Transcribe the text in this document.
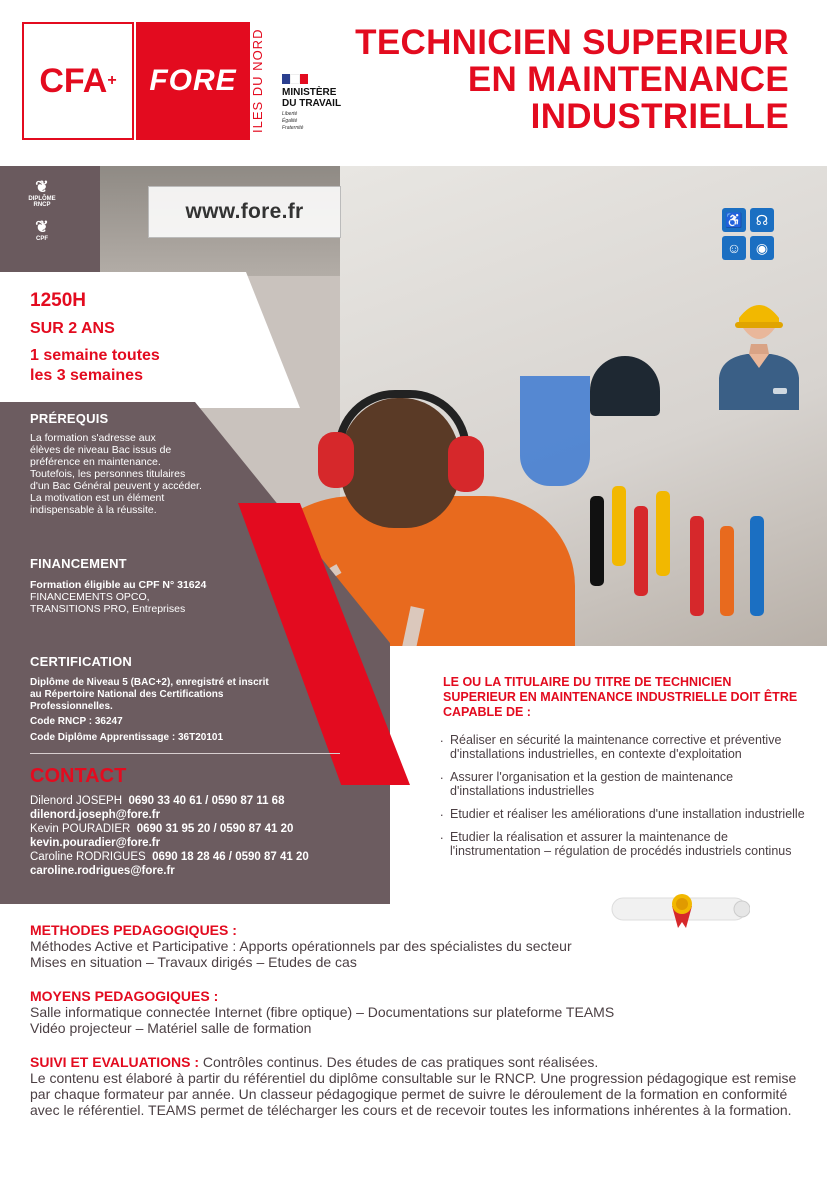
CFA + FORE ILES DU NORD	MINISTÈRE
DU TRAVAIL
Liberté
Égalité
Fraternité
TECHNICIEN SUPERIEUR
EN MAINTENANCE
INDUSTRIELLE
www.fore.fr	♿ ☊
☺	◉
❦
DIPLÔME RNCP
❦
CPF
1250H
SUR 2 ANS
1 semaine toutes
les 3 semaines
PRÉREQUIS
La formation s'adresse aux
élèves de niveau Bac issus de
préférence en maintenance.
Toutefois, les personnes titulaires
d'un Bac Général peuvent y accéder.
La motivation est un élément
indispensable à la réussite.
FINANCEMENT
Formation éligible au CPF N° 31624
FINANCEMENTS OPCO,
TRANSITIONS PRO, Entreprises
CERTIFICATION
Diplôme de Niveau 5 (BAC+2), enregistré et inscrit
au Répertoire National des Certifications
Professionnelles.
Code RNCP : 36247
Code Diplôme Apprentissage : 36T20101
CONTACT
Dilenord JOSEPH 0690 33 40 61 / 0590 87 11 68
dilenord.joseph@fore.fr
Kevin POURADIER 0690 31 95 20 / 0590 87 41 20
kevin.pouradier@fore.fr
Caroline RODRIGUES 0690 18 28 46 / 0590 87 41 20
caroline.rodrigues@fore.fr
LE OU LA TITULAIRE DU TITRE DE TECHNICIEN SUPERIEUR EN MAINTENANCE INDUSTRIELLE DOIT ÊTRE CAPABLE DE :
. Réaliser en sécurité la maintenance corrective et préventive d'installations industrielles, en contexte d'exploitation
. Assurer l'organisation et la gestion de maintenance d'installations industrielles
. Etudier et réaliser les améliorations d'une installation industrielle
. Etudier la réalisation et assurer la maintenance de l'instrumentation – régulation de procédés industriels continus
METHODES PEDAGOGIQUES :
Méthodes Active et Participative : Apports opérationnels par des spécialistes du secteur
Mises en situation – Travaux dirigés – Etudes de cas
MOYENS PEDAGOGIQUES :
Salle informatique connectée Internet (fibre optique) – Documentations sur plateforme TEAMS
Vidéo projecteur – Matériel salle de formation
SUIVI ET EVALUATIONS : Contrôles continus. Des études de cas pratiques sont réalisées.
Le contenu est élaboré à partir du référentiel du diplôme consultable sur le RNCP. Une progression pédagogique est remise par chaque formateur par année. Un classeur pédagogique permet de suivre le déroulement de la formation en conformité avec le référentiel. TEAMS permet de télécharger les cours et de recevoir toutes les informations inhérentes à la formation.
